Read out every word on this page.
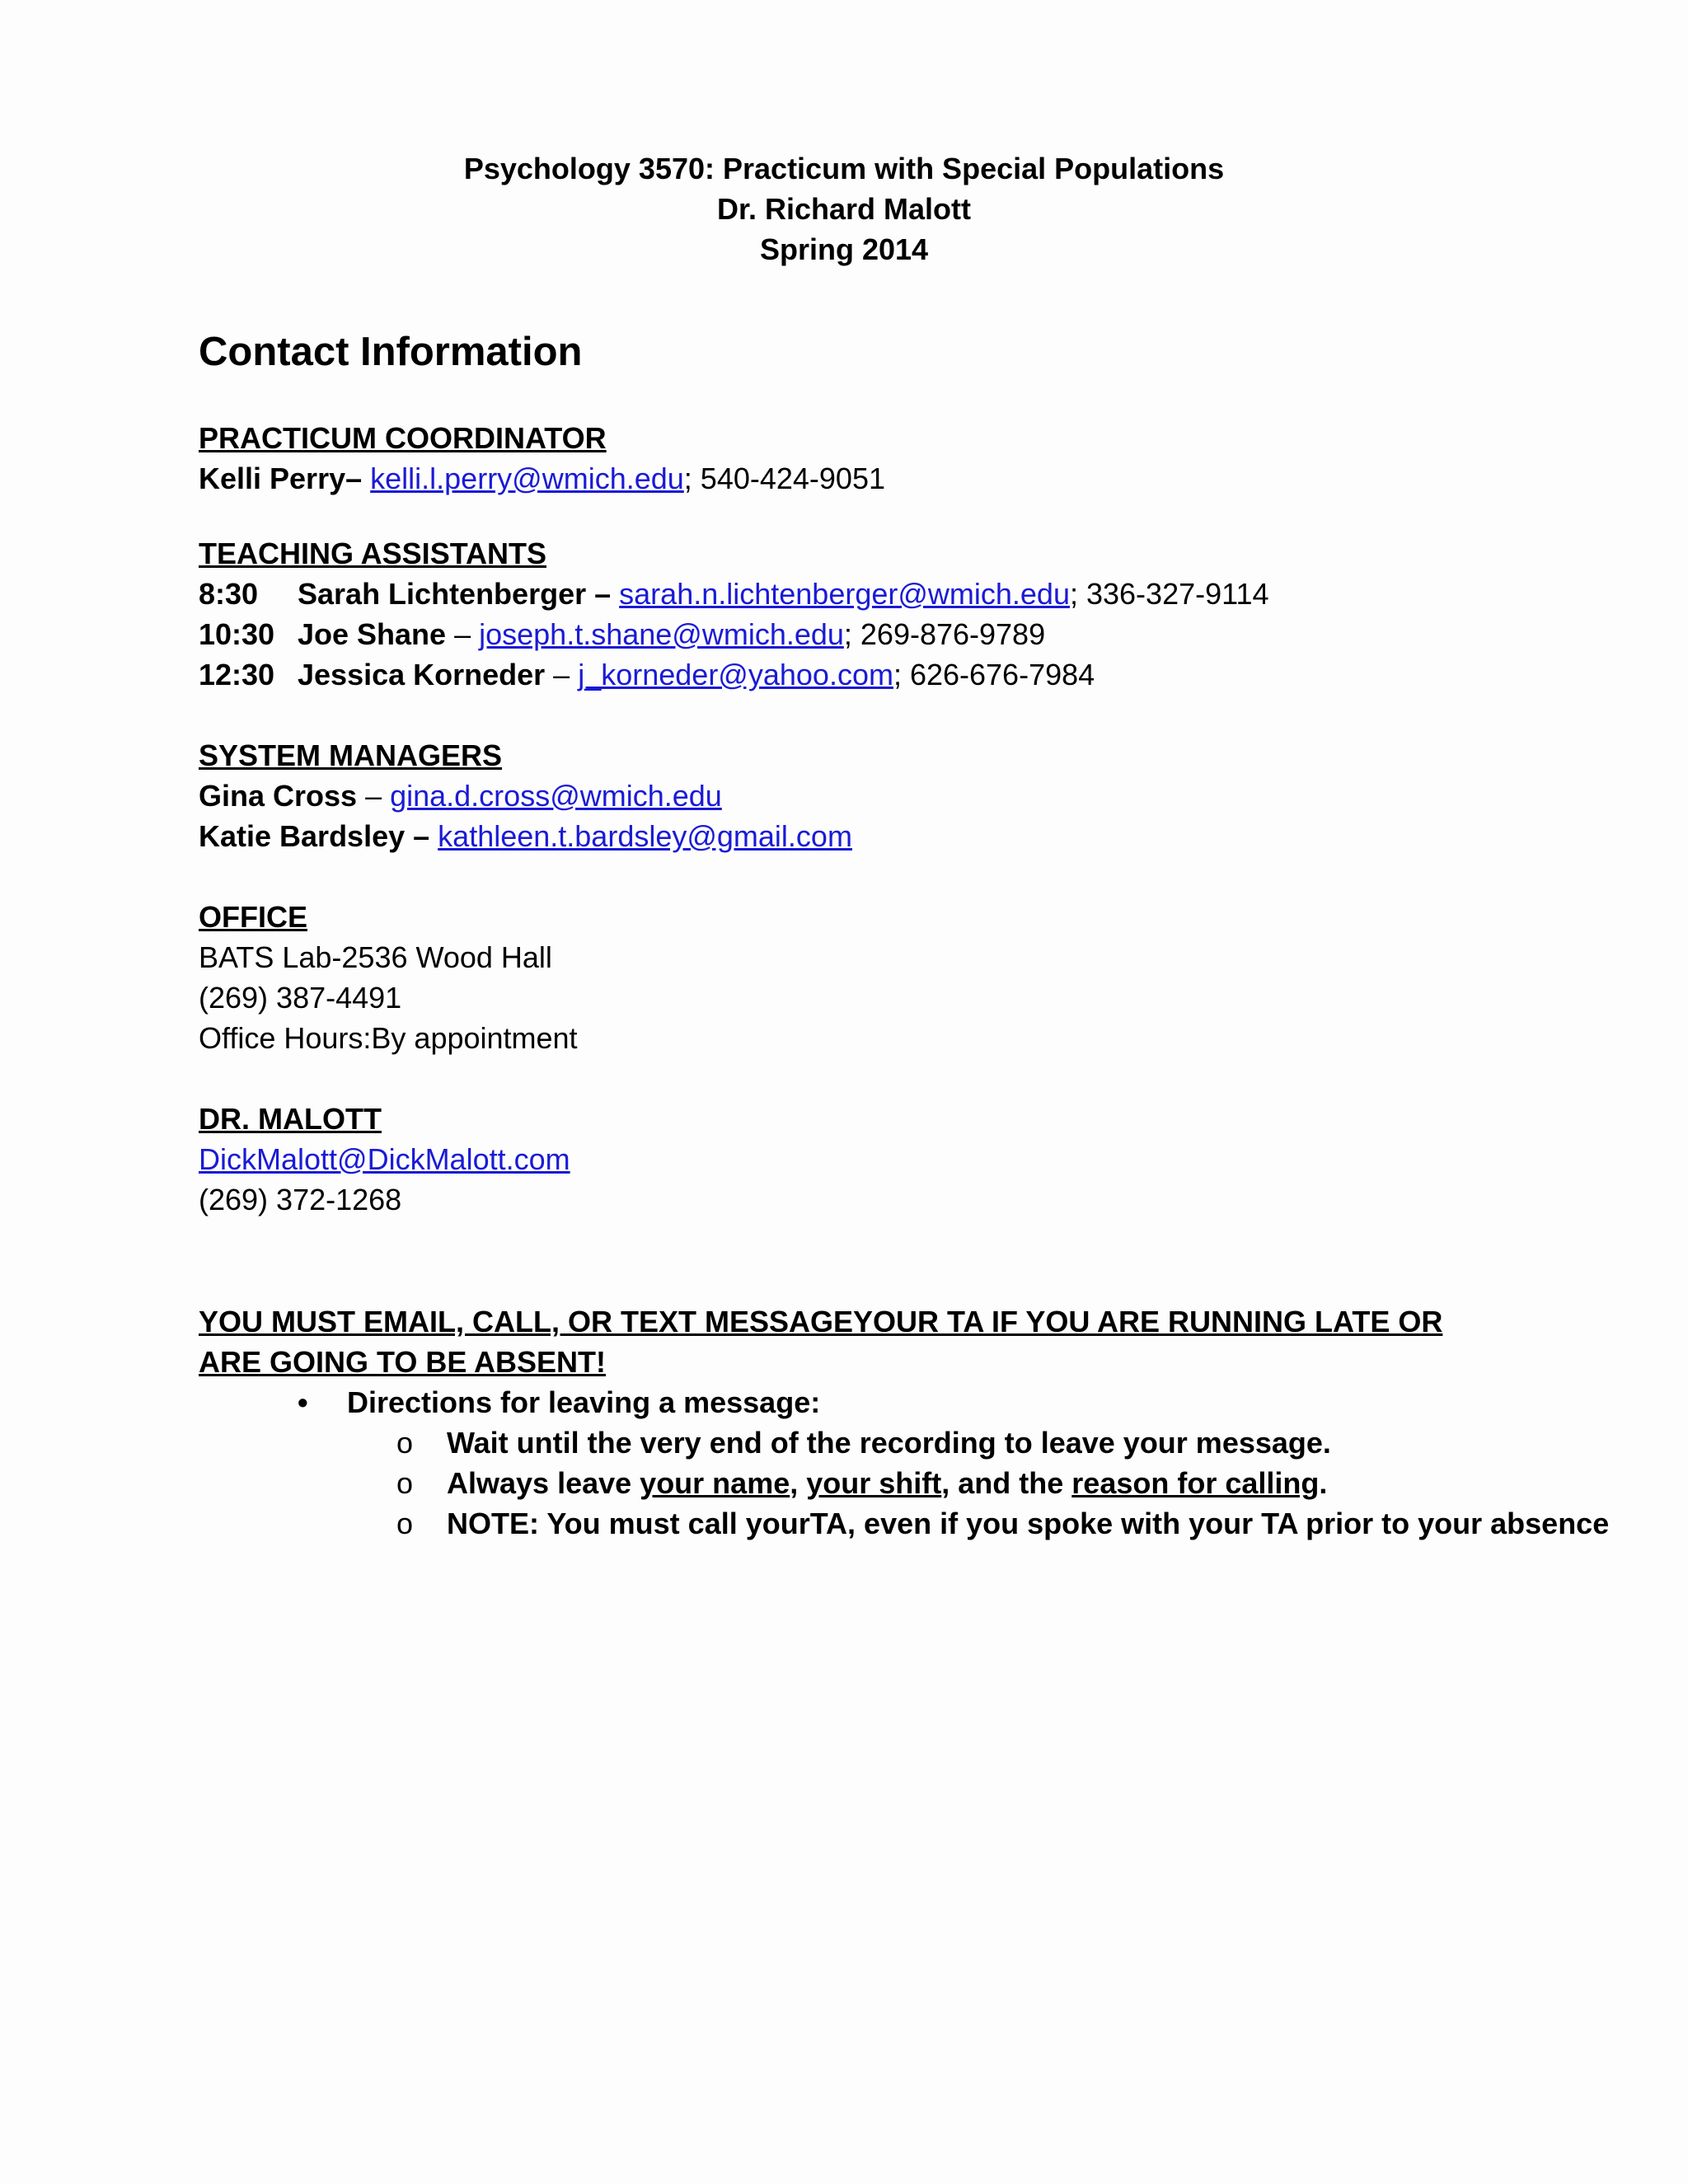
Psychology 3570: Practicum with Special Populations
Dr. Richard Malott
Spring 2014
Contact Information
PRACTICUM COORDINATOR
Kelli Perry– kelli.l.perry@wmich.edu; 540-424-9051
TEACHING ASSISTANTS
8:30 Sarah Lichtenberger – sarah.n.lichtenberger@wmich.edu; 336-327-9114
10:30 Joe Shane – joseph.t.shane@wmich.edu; 269-876-9789
12:30 Jessica Korneder – j_korneder@yahoo.com; 626-676-7984
SYSTEM MANAGERS
Gina Cross – gina.d.cross@wmich.edu
Katie Bardsley – kathleen.t.bardsley@gmail.com
OFFICE
BATS Lab-2536 Wood Hall
(269) 387-4491
Office Hours:By appointment
DR. MALOTT
DickMalott@DickMalott.com
(269) 372-1268
YOU MUST EMAIL, CALL, OR TEXT MESSAGEYOUR TA IF YOU ARE RUNNING LATE OR ARE GOING TO BE ABSENT!
• Directions for leaving a message:
o Wait until the very end of the recording to leave your message.
o Always leave your name, your shift, and the reason for calling.
o NOTE: You must call yourTA, even if you spoke with your TA prior to your absence
